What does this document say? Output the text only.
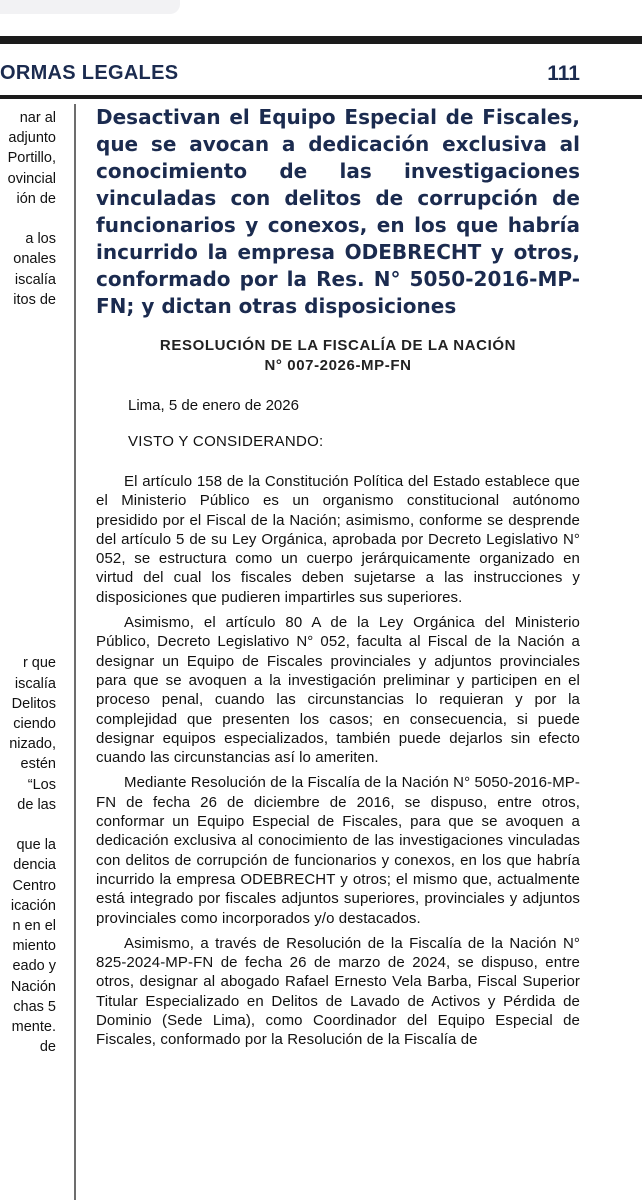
ORMAS LEGALES	111
nar al
adjunto
Portillo,
ovincial
ión de
a los
onales
iscalía
itos de
r que
iscalía
Delitos
ciendo
nizado,
estén
“Los
de las
que la
dencia
Centro
icación
n en el
miento
eado y
Nación
chas 5
mente.
de
Desactivan el Equipo Especial de Fiscales, que se avocan a dedicación exclusiva al conocimiento de las investigaciones vinculadas con delitos de corrupción de funcionarios y conexos, en los que habría incurrido la empresa ODEBRECHT y otros, conformado por la Res. N° 5050-2016-MP-FN; y dictan otras disposiciones
RESOLUCIÓN DE LA FISCALÍA DE LA NACIÓN
N° 007-2026-MP-FN
Lima, 5 de enero de 2026
VISTO Y CONSIDERANDO:

El artículo 158 de la Constitución Política del Estado establece que el Ministerio Público es un organismo constitucional autónomo presidido por el Fiscal de la Nación; asimismo, conforme se desprende del artículo 5 de su Ley Orgánica, aprobada por Decreto Legislativo N° 052, se estructura como un cuerpo jerárquicamente organizado en virtud del cual los fiscales deben sujetarse a las instrucciones y disposiciones que pudieren impartirles sus superiores.

Asimismo, el artículo 80 A de la Ley Orgánica del Ministerio Público, Decreto Legislativo N° 052, faculta al Fiscal de la Nación a designar un Equipo de Fiscales provinciales y adjuntos provinciales para que se avoquen a la investigación preliminar y participen en el proceso penal, cuando las circunstancias lo requieran y por la complejidad que presenten los casos; en consecuencia, si puede designar equipos especializados, también puede dejarlos sin efecto cuando las circunstancias así lo ameriten.

Mediante Resolución de la Fiscalía de la Nación N° 5050-2016-MP-FN de fecha 26 de diciembre de 2016, se dispuso, entre otros, conformar un Equipo Especial de Fiscales, para que se avoquen a dedicación exclusiva al conocimiento de las investigaciones vinculadas con delitos de corrupción de funcionarios y conexos, en los que habría incurrido la empresa ODEBRECHT y otros; el mismo que, actualmente está integrado por fiscales adjuntos superiores, provinciales y adjuntos provinciales como incorporados y/o destacados.

Asimismo, a través de Resolución de la Fiscalía de la Nación N° 825-2024-MP-FN de fecha 26 de marzo de 2024, se dispuso, entre otros, designar al abogado Rafael Ernesto Vela Barba, Fiscal Superior Titular Especializado en Delitos de Lavado de Activos y Pérdida de Dominio (Sede Lima), como Coordinador del Equipo Especial de Fiscales, conformado por la Resolución de la Fiscalía de
